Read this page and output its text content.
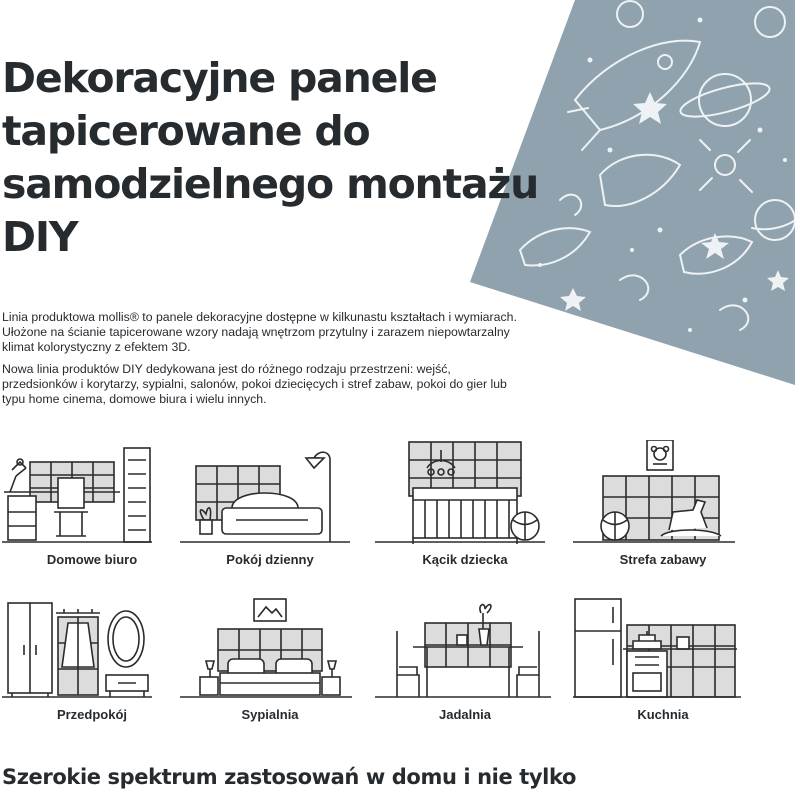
Dekoracyjne panele tapicerowane do samodzielnego montażu DIY

Linia produktowa mollis® to panele dekoracyjne dostępne w kilkunastu kształtach i wymiarach. Ułożone na ścianie tapicerowane wzory nadają wnętrzom przytulny i zarazem niepowtarzalny klimat kolorystyczny z efektem 3D.

Nowa linia produktów DIY dedykowana jest do różnego rodzaju przestrzeni: wejść, przedsionków i korytarzy, sypialni, salonów, pokoi dziecięcych i stref zabaw, pokoi do gier lub typu home cinema, domowe biura i wielu innych.

Domowe biuro	Pokój dzienny	Kącik dziecka	Strefa zabawy
Przedpokój	Sypialnia	Jadalnia	Kuchnia
Szerokie spektrum zastosowań w domu i nie tylko
